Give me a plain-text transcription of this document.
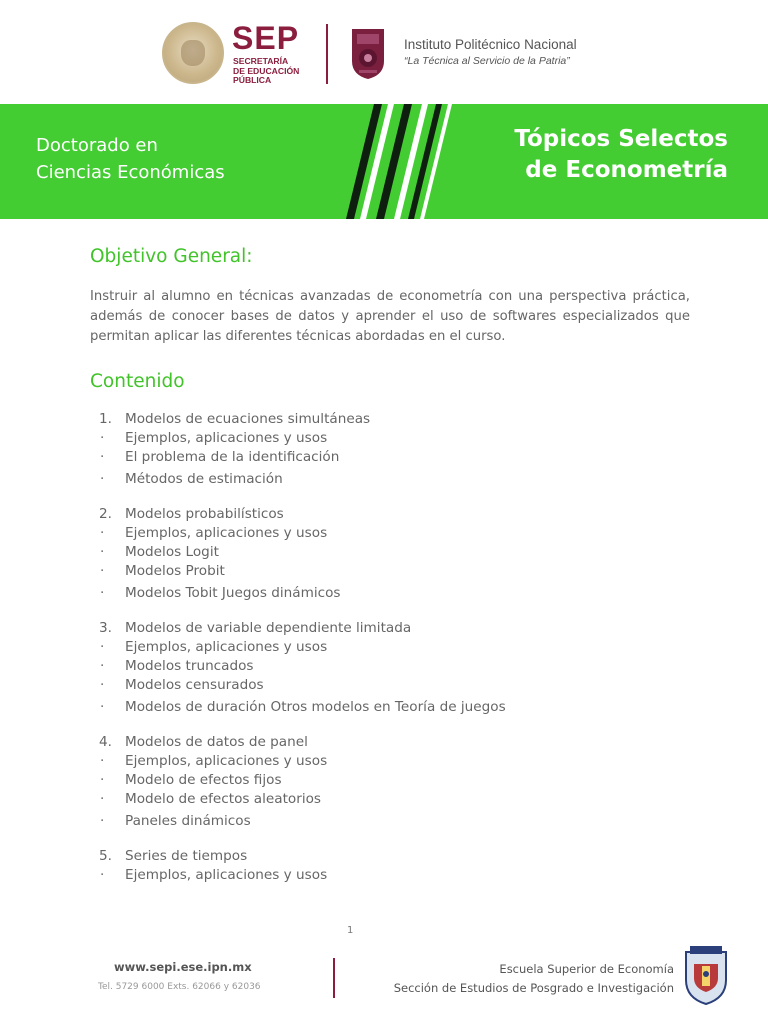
SEP
SECRETARÍA
DE EDUCACIÓN
PÚBLICA
Instituto Politécnico Nacional
“La Técnica al Servicio de la Patria”
Doctorado en
Ciencias Económicas
Tópicos Selectos
de Econometría
Objetivo General:

Instruir al alumno en técnicas avanzadas de econometría con una perspectiva práctica, además de conocer bases de datos y aprender el uso de softwares especializados que permitan aplicar las diferentes técnicas abordadas en el curso.

Contenido
1. Modelos de ecuaciones simultáneas
·	Ejemplos, aplicaciones y usos
·	El problema de la identificación
·	Métodos de estimación
2. Modelos probabilísticos
·	Ejemplos, aplicaciones y usos
·	Modelos Logit
·	Modelos Probit
·	Modelos Tobit Juegos dinámicos
3. Modelos de variable dependiente limitada
·	Ejemplos, aplicaciones y usos
·	Modelos truncados
·	Modelos censurados
·	Modelos de duración Otros modelos en Teoría de juegos
4. Modelos de datos de panel
·	Ejemplos, aplicaciones y usos
·	Modelo de efectos fijos
·	Modelo de efectos aleatorios
·	Paneles dinámicos
5. Series de tiempos
·	Ejemplos, aplicaciones y usos
1
www.sepi.ese.ipn.mx
Tel. 5729 6000 Exts. 62066 y 62036
Escuela Superior de Economía
Sección de Estudios de Posgrado e Investigación
